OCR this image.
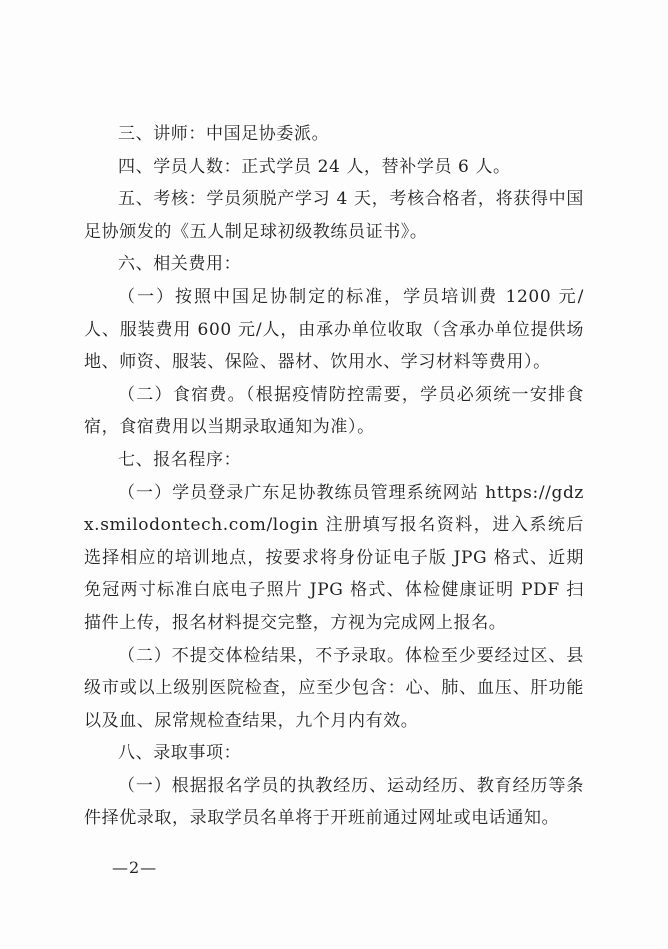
三、讲师：中国足协委派。

四、学员人数：正式学员 24 人，替补学员 6 人。

五、考核：学员须脱产学习 4 天，考核合格者，将获得中国足协颁发的《五人制足球初级教练员证书》。

六、相关费用：

（一）按照中国足协制定的标准，学员培训费 1200 元/人、服装费用 600 元/人，由承办单位收取（含承办单位提供场地、师资、服装、保险、器材、饮用水、学习材料等费用）。

（二）食宿费。（根据疫情防控需要，学员必须统一安排食宿，食宿费用以当期录取通知为准）。

七、报名程序：

（一）学员登录广东足协教练员管理系统网站 https://gdzx.smilodontech.com/login 注册填写报名资料，进入系统后选择相应的培训地点，按要求将身份证电子版 JPG 格式、近期免冠两寸标准白底电子照片 JPG 格式、体检健康证明 PDF 扫描件上传，报名材料提交完整，方视为完成网上报名。

（二）不提交体检结果，不予录取。体检至少要经过区、县级市或以上级别医院检查，应至少包含：心、肺、血压、肝功能以及血、尿常规检查结果，九个月内有效。

八、录取事项：

（一）根据报名学员的执教经历、运动经历、教育经历等条件择优录取，录取学员名单将于开班前通过网址或电话通知。

—2—
